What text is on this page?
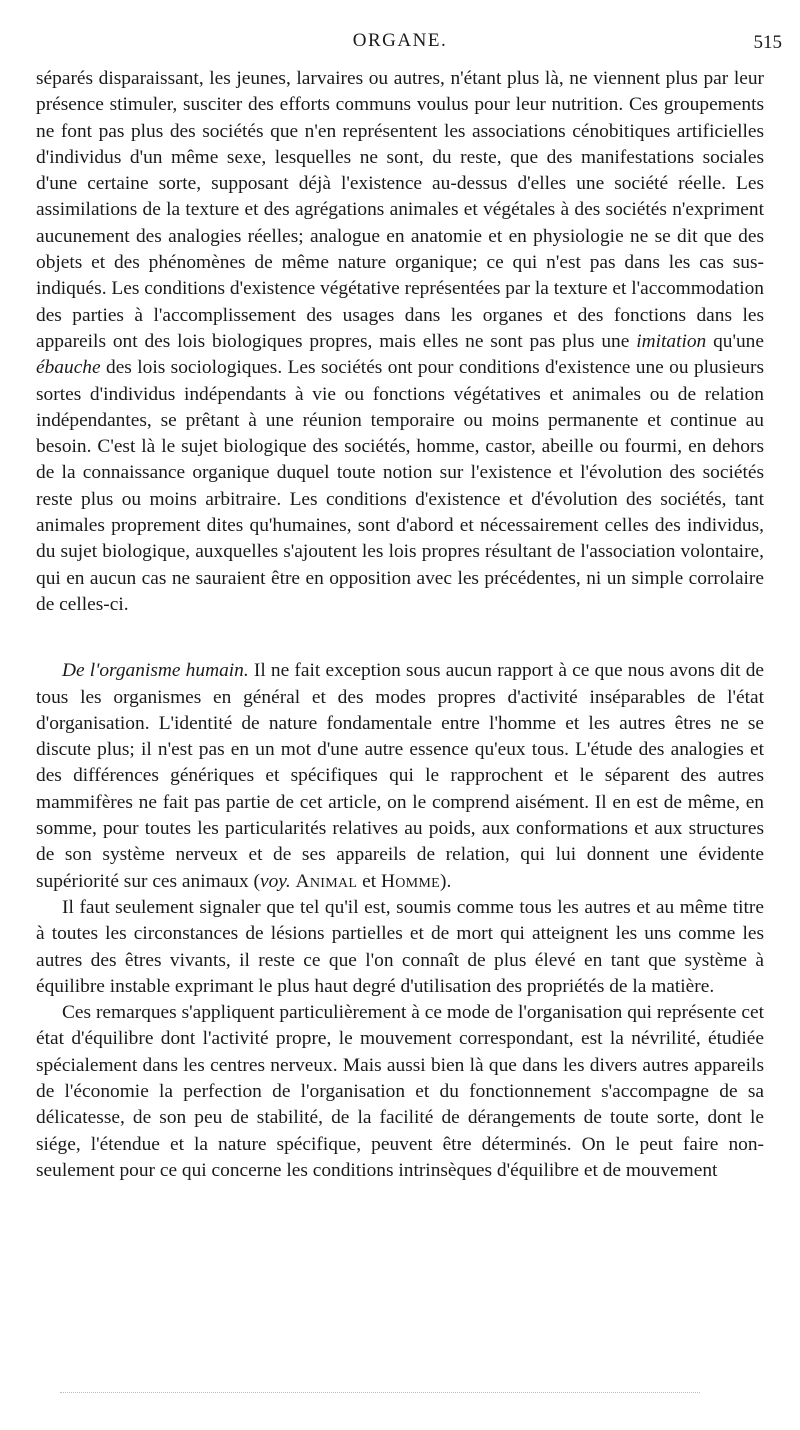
ORGANE.	515

séparés disparaissant, les jeunes, larvaires ou autres, n'étant plus là, ne viennent plus par leur présence stimuler, susciter des efforts communs voulus pour leur nutrition. Ces groupements ne font pas plus des sociétés que n'en représentent les associations cénobitiques artificielles d'individus d'un même sexe, lesquelles ne sont, du reste, que des manifestations sociales d'une certaine sorte, supposant déjà l'existence au-dessus d'elles une société réelle. Les assimilations de la texture et des agrégations animales et végétales à des sociétés n'expriment aucunement des analogies réelles; analogue en anatomie et en physiologie ne se dit que des objets et des phénomènes de même nature organique; ce qui n'est pas dans les cas sus-indiqués. Les conditions d'existence végétative représentées par la texture et l'accommodation des parties à l'accomplissement des usages dans les organes et des fonctions dans les appareils ont des lois biologiques propres, mais elles ne sont pas plus une imitation qu'une ébauche des lois sociologiques. Les sociétés ont pour conditions d'existence une ou plusieurs sortes d'individus indépendants à vie ou fonctions végétatives et animales ou de relation indépendantes, se prêtant à une réunion temporaire ou moins permanente et continue au besoin. C'est là le sujet biologique des sociétés, homme, castor, abeille ou fourmi, en dehors de la connaissance organique duquel toute notion sur l'existence et l'évolution des sociétés reste plus ou moins arbitraire. Les conditions d'existence et d'évolution des sociétés, tant animales proprement dites qu'humaines, sont d'abord et nécessairement celles des individus, du sujet biologique, auxquelles s'ajoutent les lois propres résultant de l'association volontaire, qui en aucun cas ne sauraient être en opposition avec les précédentes, ni un simple corrolaire de celles-ci.

De l'organisme humain. Il ne fait exception sous aucun rapport à ce que nous avons dit de tous les organismes en général et des modes propres d'activité inséparables de l'état d'organisation. L'identité de nature fondamentale entre l'homme et les autres êtres ne se discute plus; il n'est pas en un mot d'une autre essence qu'eux tous. L'étude des analogies et des différences génériques et spécifiques qui le rapprochent et le séparent des autres mammifères ne fait pas partie de cet article, on le comprend aisément. Il en est de même, en somme, pour toutes les particularités relatives au poids, aux conformations et aux structures de son système nerveux et de ses appareils de relation, qui lui donnent une évidente supériorité sur ces animaux (voy. Animal et Homme).

Il faut seulement signaler que tel qu'il est, soumis comme tous les autres et au même titre à toutes les circonstances de lésions partielles et de mort qui atteignent les uns comme les autres des êtres vivants, il reste ce que l'on connaît de plus élevé en tant que système à équilibre instable exprimant le plus haut degré d'utilisation des propriétés de la matière.

Ces remarques s'appliquent particulièrement à ce mode de l'organisation qui représente cet état d'équilibre dont l'activité propre, le mouvement correspondant, est la névrilité, étudiée spécialement dans les centres nerveux. Mais aussi bien là que dans les divers autres appareils de l'économie la perfection de l'organisation et du fonctionnement s'accompagne de sa délicatesse, de son peu de stabilité, de la facilité de dérangements de toute sorte, dont le siége, l'étendue et la nature spécifique, peuvent être déterminés. On le peut faire non-seulement pour ce qui concerne les conditions intrinsèques d'équilibre et de mouvement
